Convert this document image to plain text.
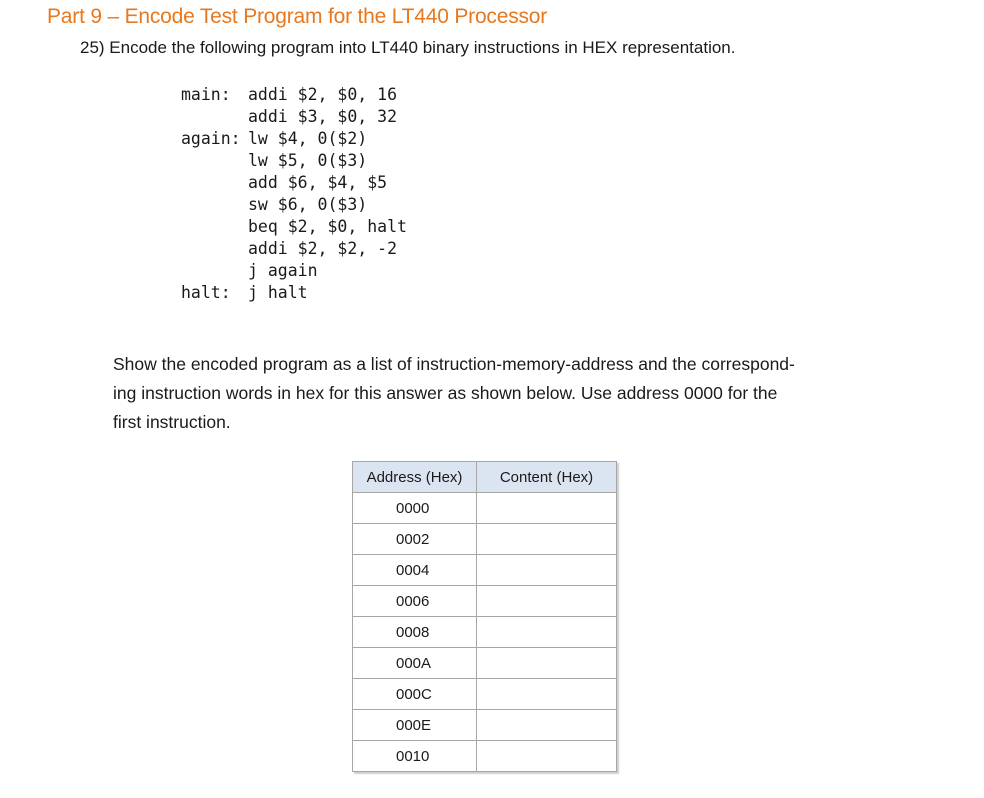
Part 9 – Encode Test Program for the LT440 Processor
25) Encode the following program into LT440 binary instructions in HEX representation.
main:	addi $2, $0, 16
addi $3, $0, 32
again: lw $4, 0($2)
lw $5, 0($3)
add $6, $4, $5
sw $6, 0($3)
beq $2, $0, halt
addi $2, $2, -2
j again
halt:	j halt

Show the encoded program as a list of instruction-memory-address and the correspond-

ing instruction words in hex for this answer as shown below. Use address 0000 for the

first instruction.

Address (Hex)	Content (Hex)
0000	
0002	
0004	
0006	
0008	
000A	
000C	
000E	
0010	
